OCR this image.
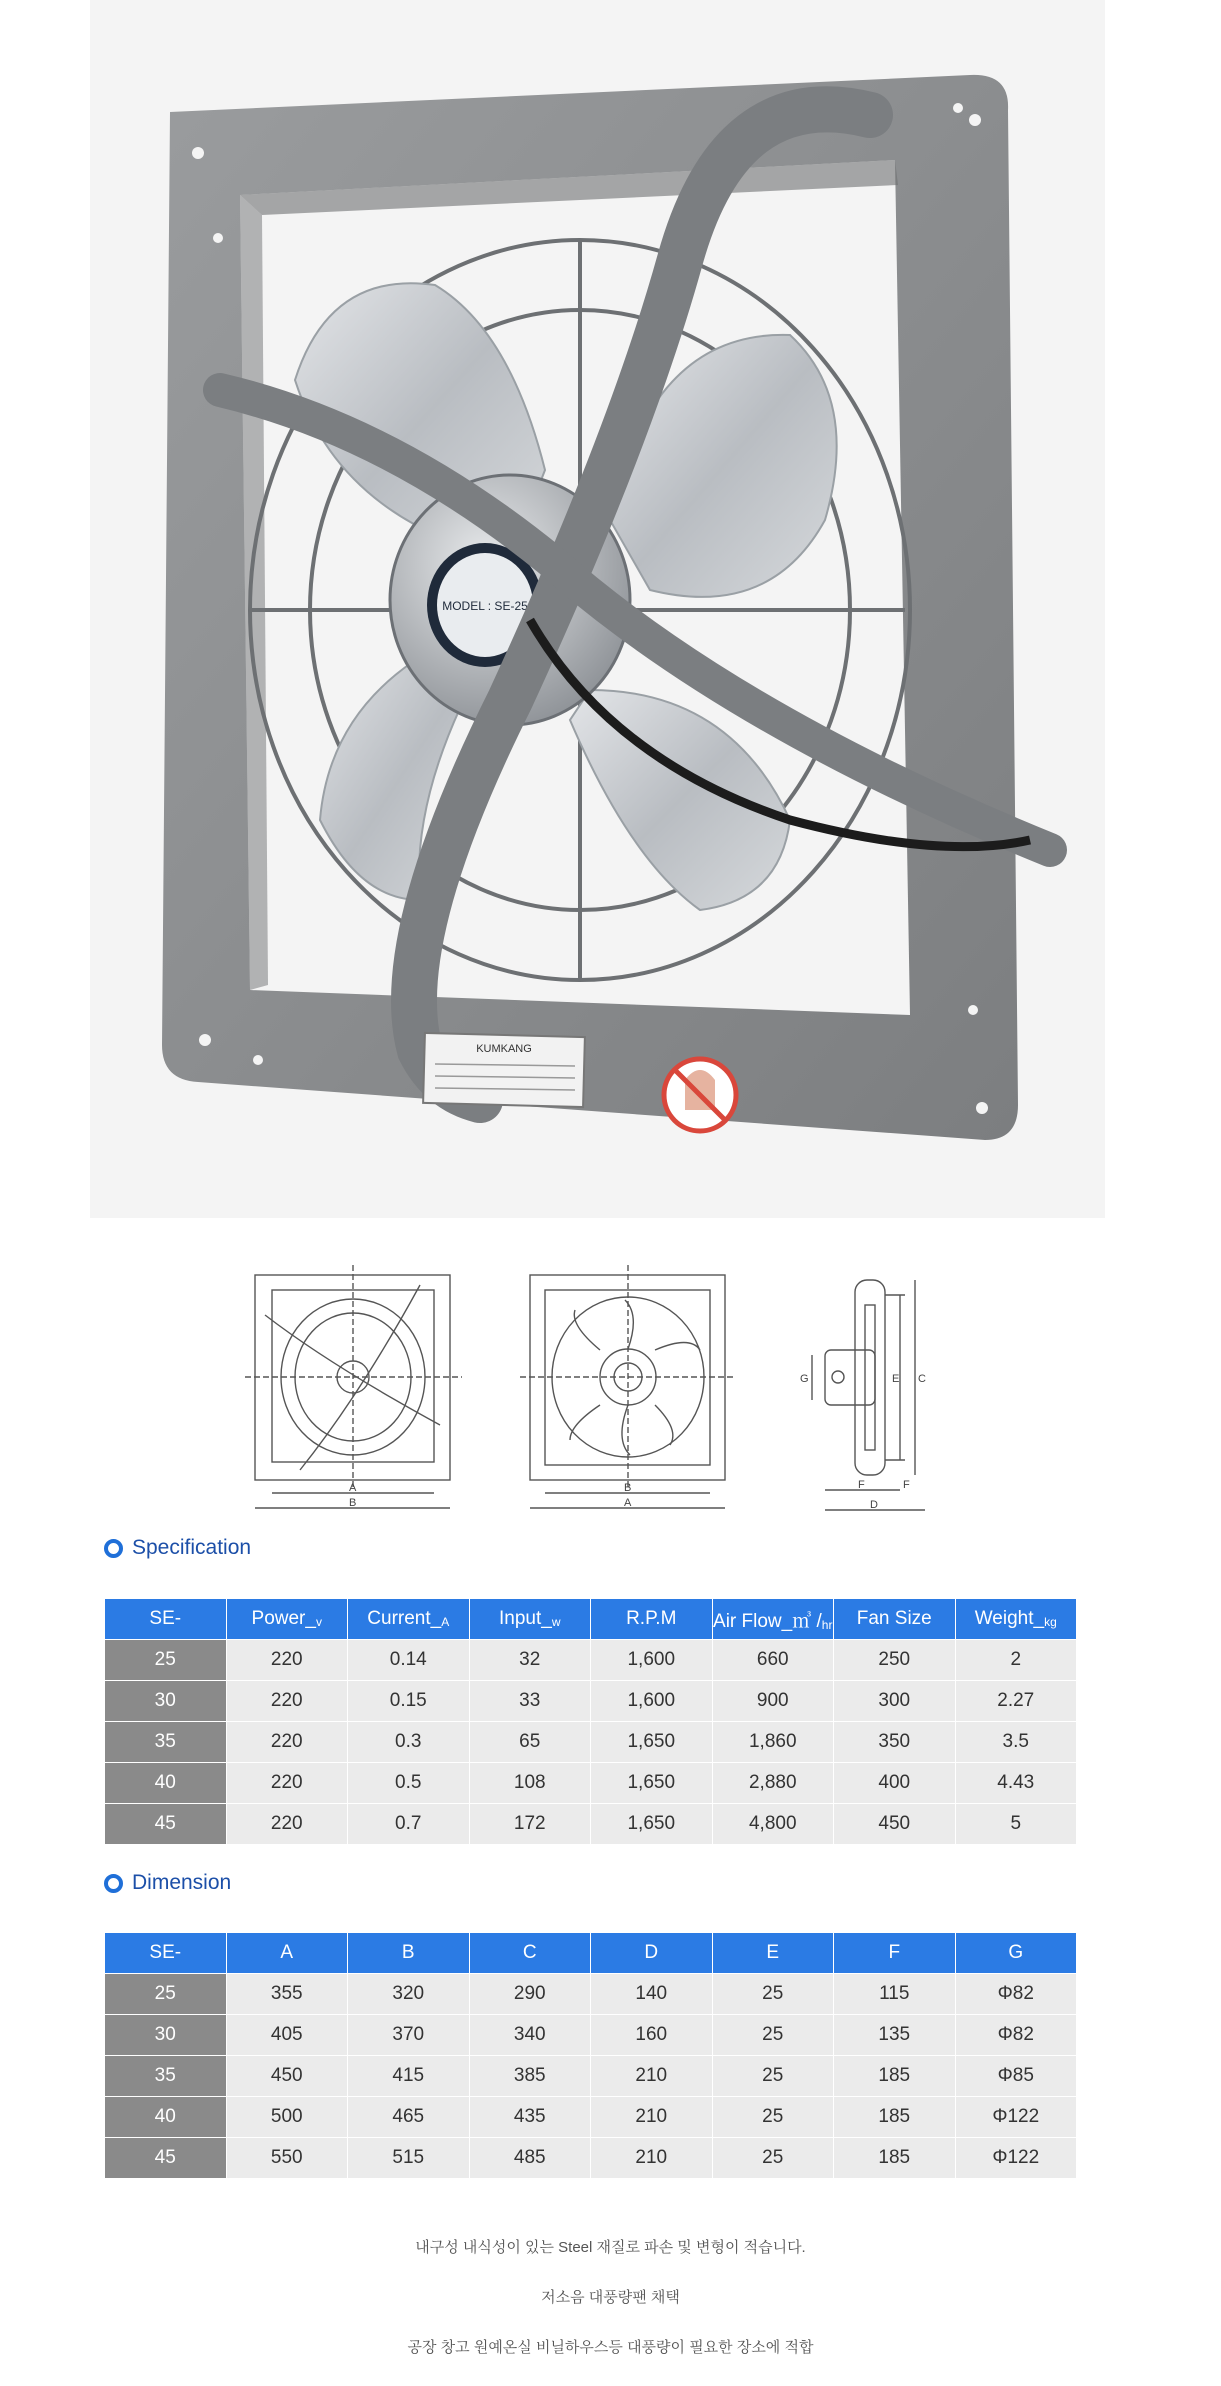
MODEL : SE-25
KUMKANG
A
B
B
A
G	E C
F	F
D
Specification
SE-	$Power\__v$	$Current\__A$	$Input\__w$	R.P.M	Air Flow_㎥ $/_{hr}$	Fan Size	$Weight\__{kg}$
25	220	0.14	32	1,600	660	250	2
30	220	0.15	33	1,600	900	300	2.27
35	220	0.3	65	1,650	1,860	350	3.5
40	220	0.5	108	1,650	2,880	400	4.43
45	220	0.7	172	1,650	4,800	450	5
Dimension
SE-	A	B	C	D	E	F	G
25	355	320	290	140	25	115	Φ82
30	405	370	340	160	25	135	Φ82
35	450	415	385	210	25	185	Φ85
40	500	465	435	210	25	185	Φ122
45	550	515	485	210	25	185	Φ122

내구성 내식성이 있는 Steel 재질로 파손 및 변형이 적습니다.

저소음 대풍량팬 채택

공장 창고 원예온실 비닐하우스등 대풍량이 필요한 장소에 적합
